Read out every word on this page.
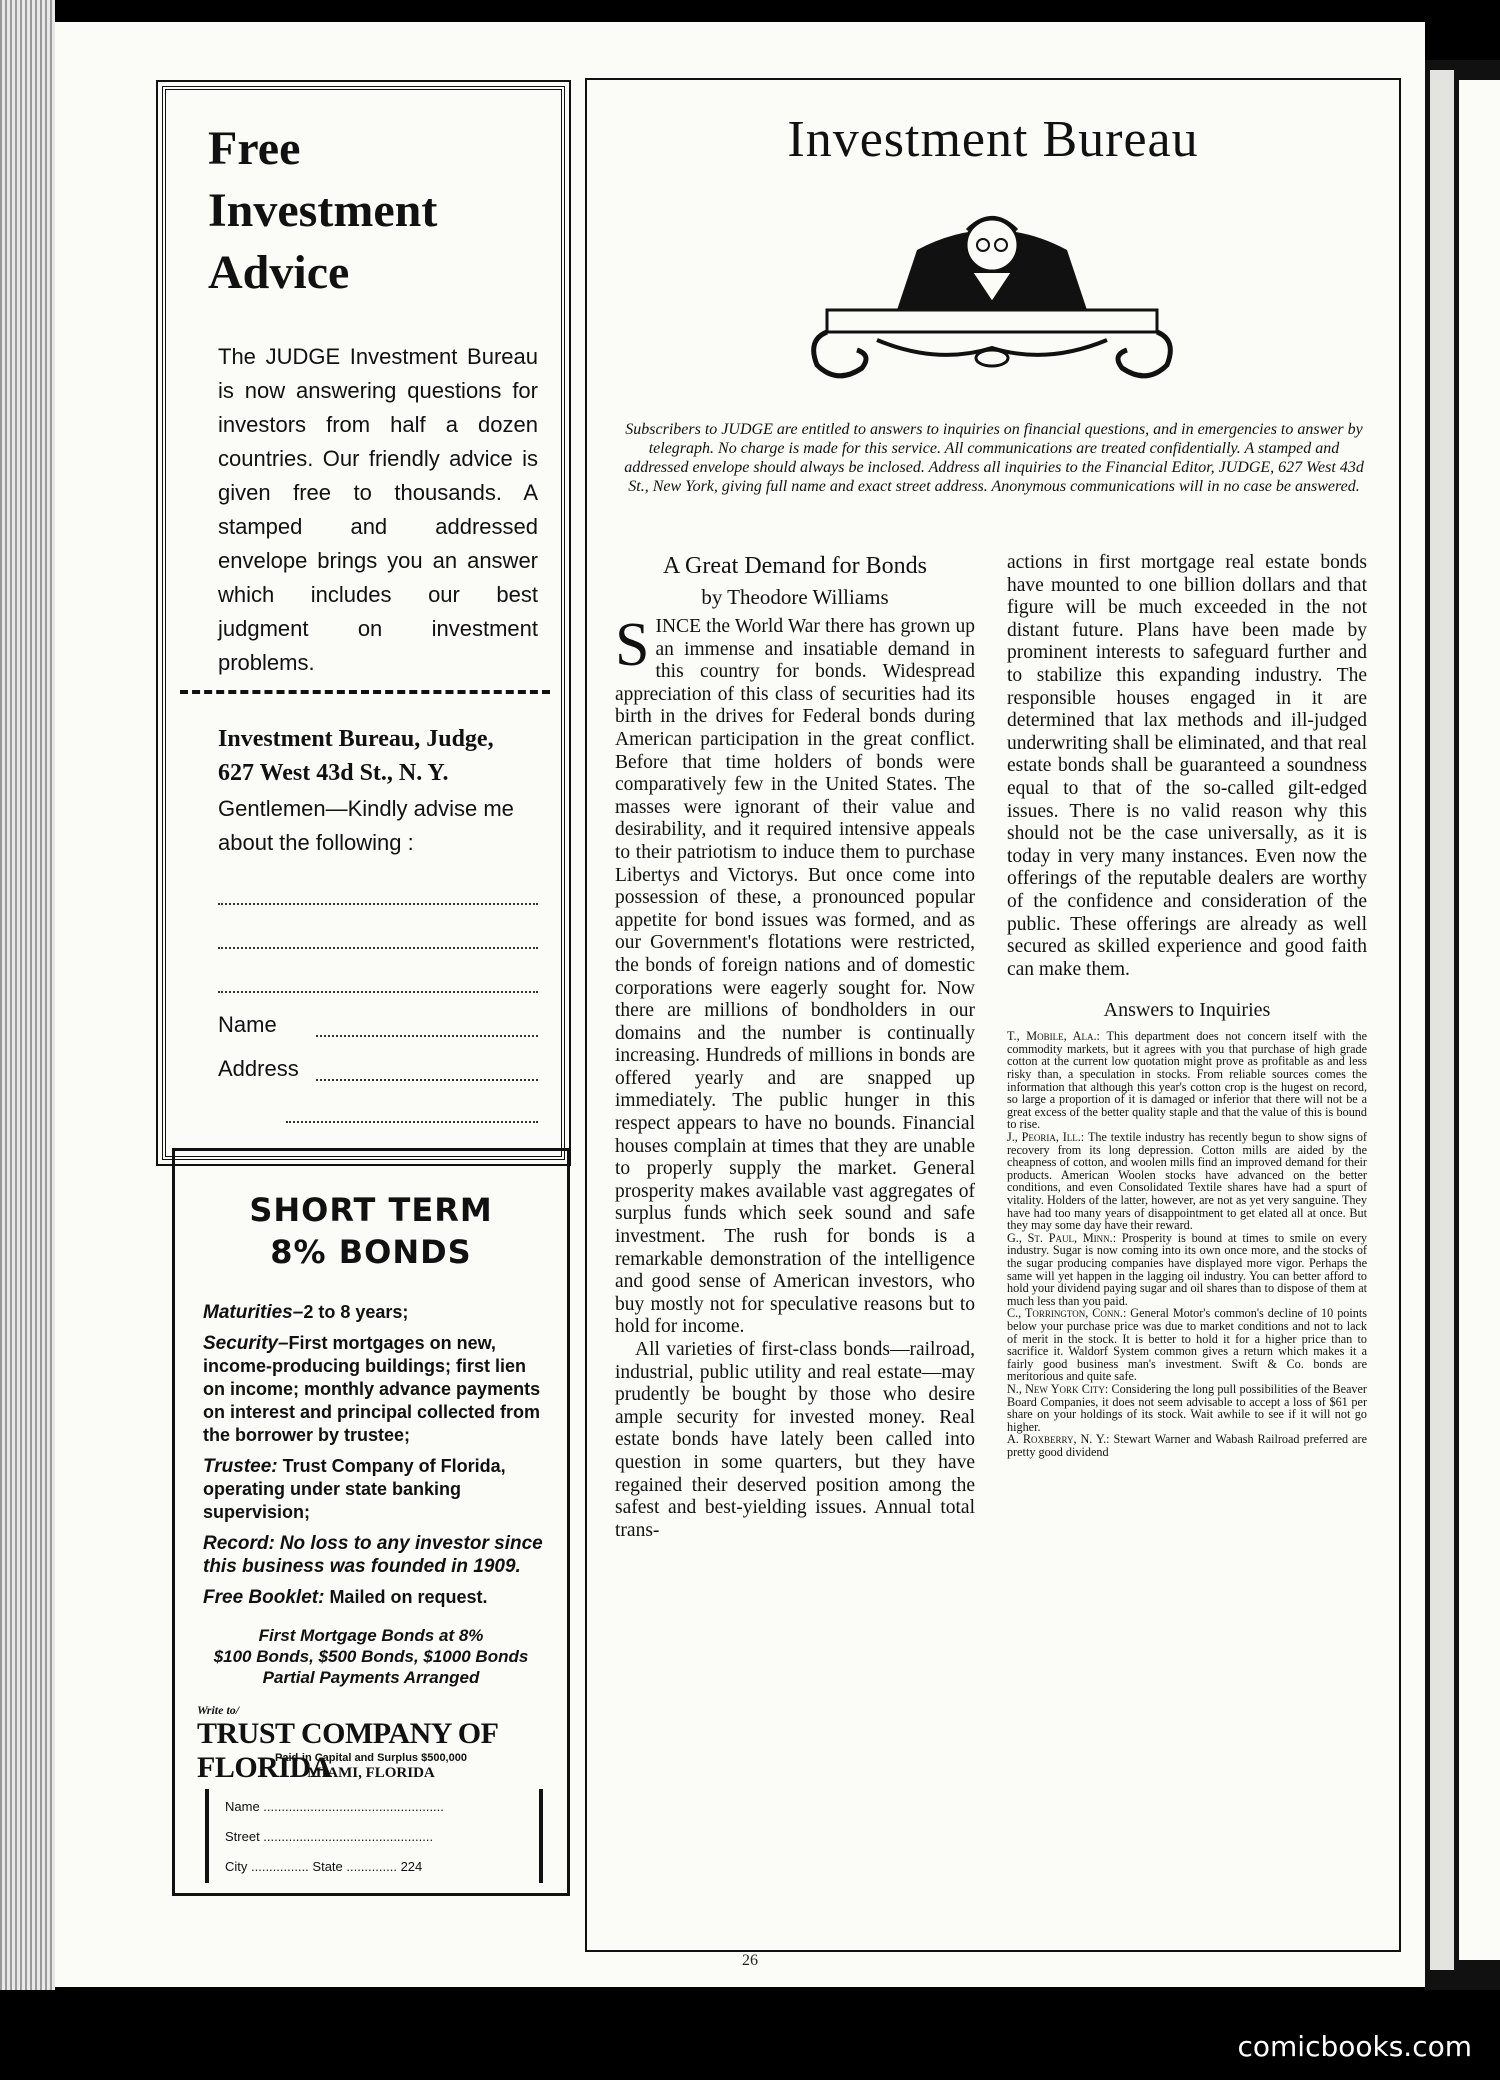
Free
Investment
Advice
The JUDGE Investment Bureau is now answering questions for investors from half a dozen countries. Our friendly advice is given free to thousands. A stamped and addressed envelope brings you an answer which includes our best judgment on investment problems.
Investment Bureau, Judge,
627 West 43d St., N. Y.
Gentlemen—Kindly advise me about the following :
Name
Address
SHORT TERM
8% BONDS

Maturities–2 to 8 years;

Security–First mortgages on new, income-producing buildings; first lien on income; monthly advance payments on interest and principal collected from the borrower by trustee;

Trustee: Trust Company of Florida, operating under state banking supervision;

Record: No loss to any investor since this business was founded in 1909.

Free Booklet: Mailed on request.

First Mortgage Bonds at 8%
$100 Bonds, $500 Bonds, $1000 Bonds
Partial Payments Arranged
Write to/
TRUST COMPANY OF FLORIDA
Paid-in Capital and Surplus $500,000
MIAMI, FLORIDA
Name ..................................................
Street ...............................................
City ................ State .............. 224
Investment Bureau
Subscribers to JUDGE are entitled to answers to inquiries on financial questions, and in emergencies to answer by telegraph. No charge is made for this service. All communications are treated confidentially. A stamped and addressed envelope should always be inclosed. Address all inquiries to the Financial Editor, JUDGE, 627 West 43d St., New York, giving full name and exact street address. Anonymous communications will in no case be answered.
A Great Demand for Bonds
by Theodore Williams

SINCE the World War there has grown up an immense and insatiable demand in this country for bonds. Widespread appreciation of this class of securities had its birth in the drives for Federal bonds during American participation in the great conflict. Before that time holders of bonds were comparatively few in the United States. The masses were ignorant of their value and desirability, and it required intensive appeals to their patriotism to induce them to purchase Libertys and Victorys. But once come into possession of these, a pronounced popular appetite for bond issues was formed, and as our Government's flotations were restricted, the bonds of foreign nations and of domestic corporations were eagerly sought for. Now there are millions of bondholders in our domains and the number is continually increasing. Hundreds of millions in bonds are offered yearly and are snapped up immediately. The public hunger in this respect appears to have no bounds. Financial houses complain at times that they are unable to properly supply the market. General prosperity makes available vast aggregates of surplus funds which seek sound and safe investment. The rush for bonds is a remarkable demonstration of the intelligence and good sense of American investors, who buy mostly not for speculative reasons but to hold for income.

All varieties of first-class bonds—railroad, industrial, public utility and real estate—may prudently be bought by those who desire ample security for invested money. Real estate bonds have lately been called into question in some quarters, but they have regained their deserved position among the safest and best-yielding issues. Annual total trans-

actions in first mortgage real estate bonds have mounted to one billion dollars and that figure will be much exceeded in the not distant future. Plans have been made by prominent interests to safeguard further and to stabilize this expanding industry. The responsible houses engaged in it are determined that lax methods and ill-judged underwriting shall be eliminated, and that real estate bonds shall be guaranteed a soundness equal to that of the so-called gilt-edged issues. There is no valid reason why this should not be the case universally, as it is today in very many instances. Even now the offerings of the reputable dealers are worthy of the confidence and consideration of the public. These offerings are already as well secured as skilled experience and good faith can make them.

Answers to Inquiries

T., Mobile, Ala.: This department does not concern itself with the commodity markets, but it agrees with you that purchase of high grade cotton at the current low quotation might prove as profitable as and less risky than, a speculation in stocks. From reliable sources comes the information that although this year's cotton crop is the hugest on record, so large a proportion of it is damaged or inferior that there will not be a great excess of the better quality staple and that the value of this is bound to rise.

J., Peoria, Ill.: The textile industry has recently begun to show signs of recovery from its long depression. Cotton mills are aided by the cheapness of cotton, and woolen mills find an improved demand for their products. American Woolen stocks have advanced on the better conditions, and even Consolidated Textile shares have had a spurt of vitality. Holders of the latter, however, are not as yet very sanguine. They have had too many years of disappointment to get elated all at once. But they may some day have their reward.

G., St. Paul, Minn.: Prosperity is bound at times to smile on every industry. Sugar is now coming into its own once more, and the stocks of the sugar producing companies have displayed more vigor. Perhaps the same will yet happen in the lagging oil industry. You can better afford to hold your dividend paying sugar and oil shares than to dispose of them at much less than you paid.

C., Torrington, Conn.: General Motor's common's decline of 10 points below your purchase price was due to market conditions and not to lack of merit in the stock. It is better to hold it for a higher price than to sacrifice it. Waldorf System common gives a return which makes it a fairly good business man's investment. Swift & Co. bonds are meritorious and quite safe.

N., New York City: Considering the long pull possibilities of the Beaver Board Companies, it does not seem advisable to accept a loss of $61 per share on your holdings of its stock. Wait awhile to see if it will not go higher.

A. Roxberry, N. Y.: Stewart Warner and Wabash Railroad preferred are pretty good dividend

26
comicbooks.com
